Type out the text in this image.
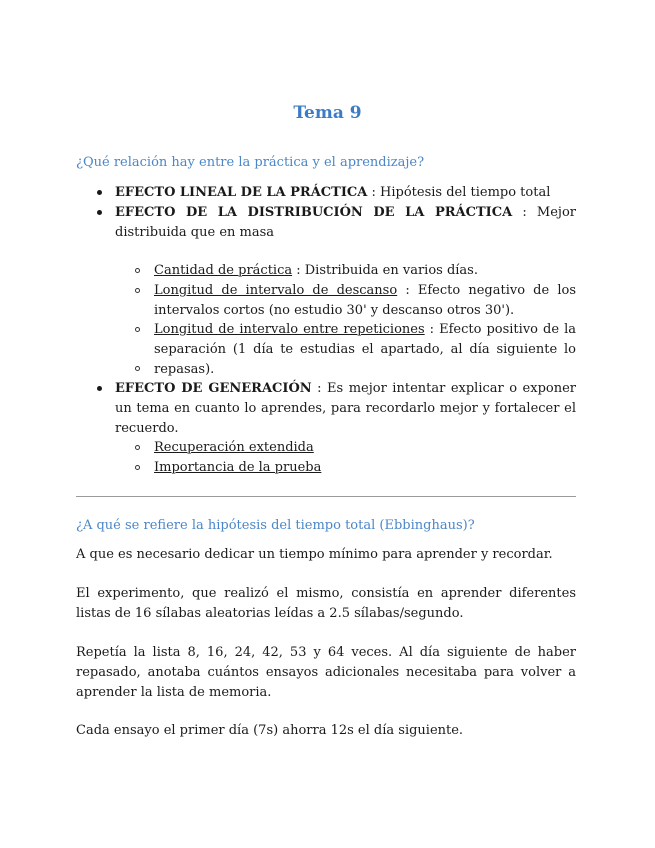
Tema 9
¿Qué relación hay entre la práctica y el aprendizaje?
EFECTO LINEAL DE LA PRÁCTICA : Hipótesis del tiempo total
EFECTO DE LA DISTRIBUCIÓN DE LA PRÁCTICA : Mejor distribuida que en masa
Cantidad de práctica : Distribuida en varios días.
Longitud de intervalo de descanso : Efecto negativo de los intervalos cortos (no estudio 30' y descanso otros 30').
Longitud de intervalo entre repeticiones : Efecto positivo de la separación (1 día te estudias el apartado, al día siguiente lo repasas).
EFECTO DE GENERACIÓN : Es mejor intentar explicar o exponer un tema en cuanto lo aprendes, para recordarlo mejor y fortalecer el recuerdo.
Recuperación extendida
Importancia de la prueba
¿A qué se refiere la hipótesis del tiempo total (Ebbinghaus)?
A que es necesario dedicar un tiempo mínimo para aprender y recordar.
El experimento, que realizó el mismo, consistía en aprender diferentes listas de 16 sílabas aleatorias leídas a 2.5 sílabas/segundo.
Repetía la lista 8, 16, 24, 42, 53 y 64 veces. Al día siguiente de haber repasado, anotaba cuántos ensayos adicionales necesitaba para volver a aprender la lista de memoria.
Cada ensayo el primer día (7s) ahorra 12s el día siguiente.
